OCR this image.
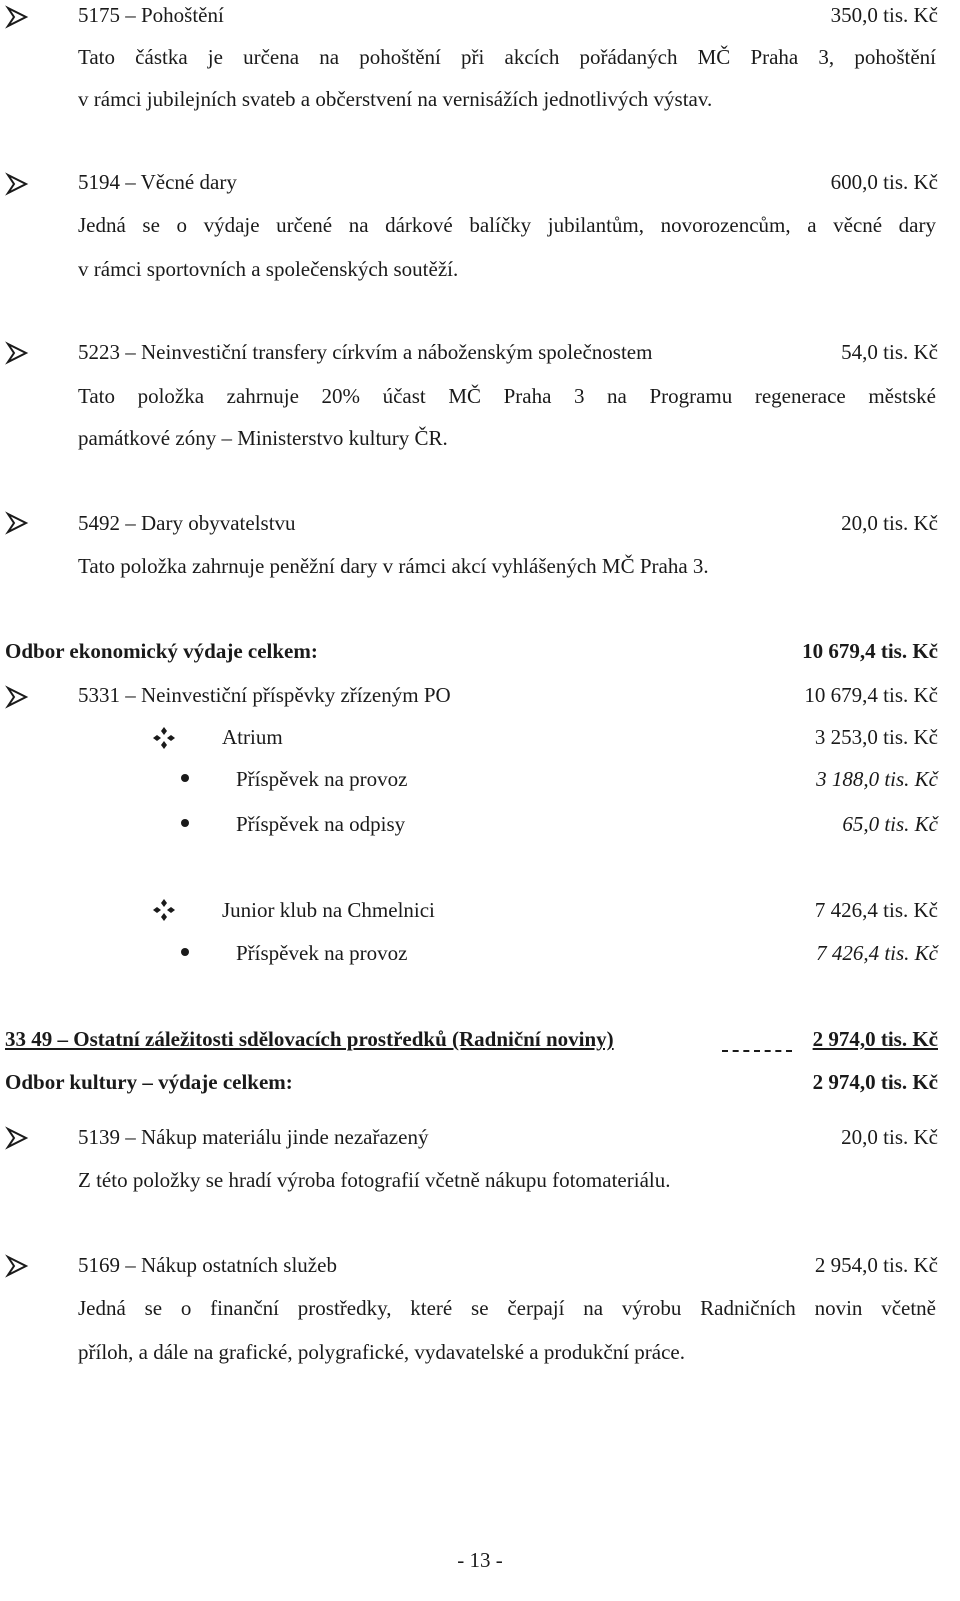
5175 – Pohoštění	350,0 tis. Kč
Tato částka je určena na pohoštění při akcích pořádaných MČ Praha 3, pohoštění
v rámci jubilejních svateb a občerstvení na vernisážích jednotlivých výstav.
5194 – Věcné dary	600,0 tis. Kč
Jedná se o výdaje určené na dárkové balíčky jubilantům, novorozencům, a věcné dary
v rámci sportovních a společenských soutěží.
5223 – Neinvestiční transfery církvím a náboženským společnostem	54,0 tis. Kč
Tato položka zahrnuje 20% účast MČ Praha 3 na Programu regenerace městské
památkové zóny – Ministerstvo kultury ČR.
5492 – Dary obyvatelstvu	20,0 tis. Kč
Tato položka zahrnuje peněžní dary v rámci akcí vyhlášených MČ Praha 3.
Odbor ekonomický výdaje celkem:	10 679,4 tis. Kč
5331 – Neinvestiční příspěvky zřízeným PO	10 679,4 tis. Kč
Atrium	3 253,0 tis. Kč
Příspěvek na provoz	3 188,0 tis. Kč
Příspěvek na odpisy	65,0 tis. Kč
Junior klub na Chmelnici	7 426,4 tis. Kč
Příspěvek na provoz	7 426,4 tis. Kč
33 49 – Ostatní záležitosti sdělovacích prostředků (Radniční noviny)	2 974,0 tis. Kč
Odbor kultury – výdaje celkem:	2 974,0 tis. Kč
5139 – Nákup materiálu jinde nezařazený	20,0 tis. Kč
Z této položky se hradí výroba fotografií včetně nákupu fotomateriálu.
5169 – Nákup ostatních služeb	2 954,0 tis. Kč
Jedná se o finanční prostředky, které se čerpají na výrobu Radničních novin včetně
příloh, a dále na grafické, polygrafické, vydavatelské a produkční práce.
- 13 -
